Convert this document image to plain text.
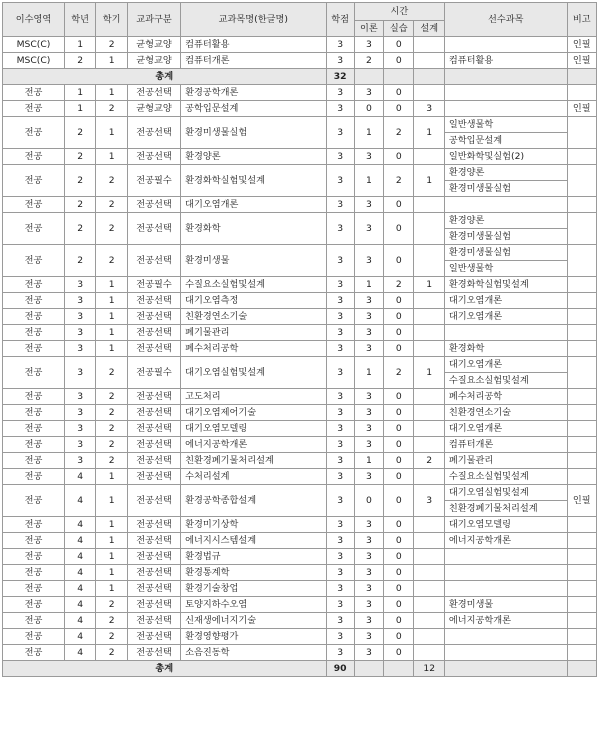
이수영역	학년	학기	교과구분	교과목명(한글명)	학점	시간			선수과목	비고
						이론	실습	설계		
MSC(C)	1	2	균형교양	컴퓨터활용	3	3	0			인필
MSC(C)	2	1	균형교양	컴퓨터개론	3	2	0		컴퓨터활용	인필
총계					32					
전공	1	1	전공선택	환경공학개론	3	3	0			
전공	1	2	균형교양	공학입문설계	3	0	0	3		인필
전공	2	1	전공선택	환경미생물실험	3	1	2	1	일반생물학	
									공학입문설계	
전공	2	1	전공선택	환경양론	3	3	0		일반화학및실험(2)	
전공	2	2	전공필수	환경화학실험및설계	3	1	2	1	환경양론	
									환경미생물실험	
전공	2	2	전공선택	대기오염개론	3	3	0			
전공	2	2	전공선택	환경화학	3	3	0		환경양론	
									환경미생물실험	
전공	2	2	전공선택	환경미생물	3	3	0		환경미생물실험	
									일반생물학	
전공	3	1	전공필수	수질요소실험및설계	3	1	2	1	환경화학실험및설계	
전공	3	1	전공선택	대기오염측정	3	3	0		대기오염개론	
전공	3	1	전공선택	친환경연소기술	3	3	0		대기오염개론	
전공	3	1	전공선택	폐기물관리	3	3	0			
전공	3	1	전공선택	폐수처리공학	3	3	0		환경화학	
전공	3	2	전공필수	대기오염실험및설계	3	1	2	1	대기오염개론	
									수질요소실험및설계	
전공	3	2	전공선택	고도처리	3	3	0		폐수처리공학	
전공	3	2	전공선택	대기오염제어기술	3	3	0		친환경연소기술	
전공	3	2	전공선택	대기오염모델링	3	3	0		대기오염개론	
전공	3	2	전공선택	에너지공학개론	3	3	0		컴퓨터개론	
전공	3	2	전공선택	친환경폐기물처리설계	3	1	0	2	폐기물관리	
전공	4	1	전공선택	수처리설계	3	3	0		수질요소실험및설계	
전공	4	1	전공선택	환경공학종합설계	3	0	0	3	대기오염실험및설계	인필
									친환경폐기물처리설계	
전공	4	1	전공선택	환경미기상학	3	3	0		대기오염모델링	
전공	4	1	전공선택	에너지시스템설계	3	3	0		에너지공학개론	
전공	4	1	전공선택	환경법규	3	3	0			
전공	4	1	전공선택	환경통계학	3	3	0			
전공	4	1	전공선택	환경기술창업	3	3	0			
전공	4	2	전공선택	토양지하수오염	3	3	0		환경미생물	
전공	4	2	전공선택	신재생에너지기술	3	3	0		에너지공학개론	
전공	4	2	전공선택	환경영향평가	3	3	0			
전공	4	2	전공선택	소음진동학	3	3	0			
총계					90			12		
